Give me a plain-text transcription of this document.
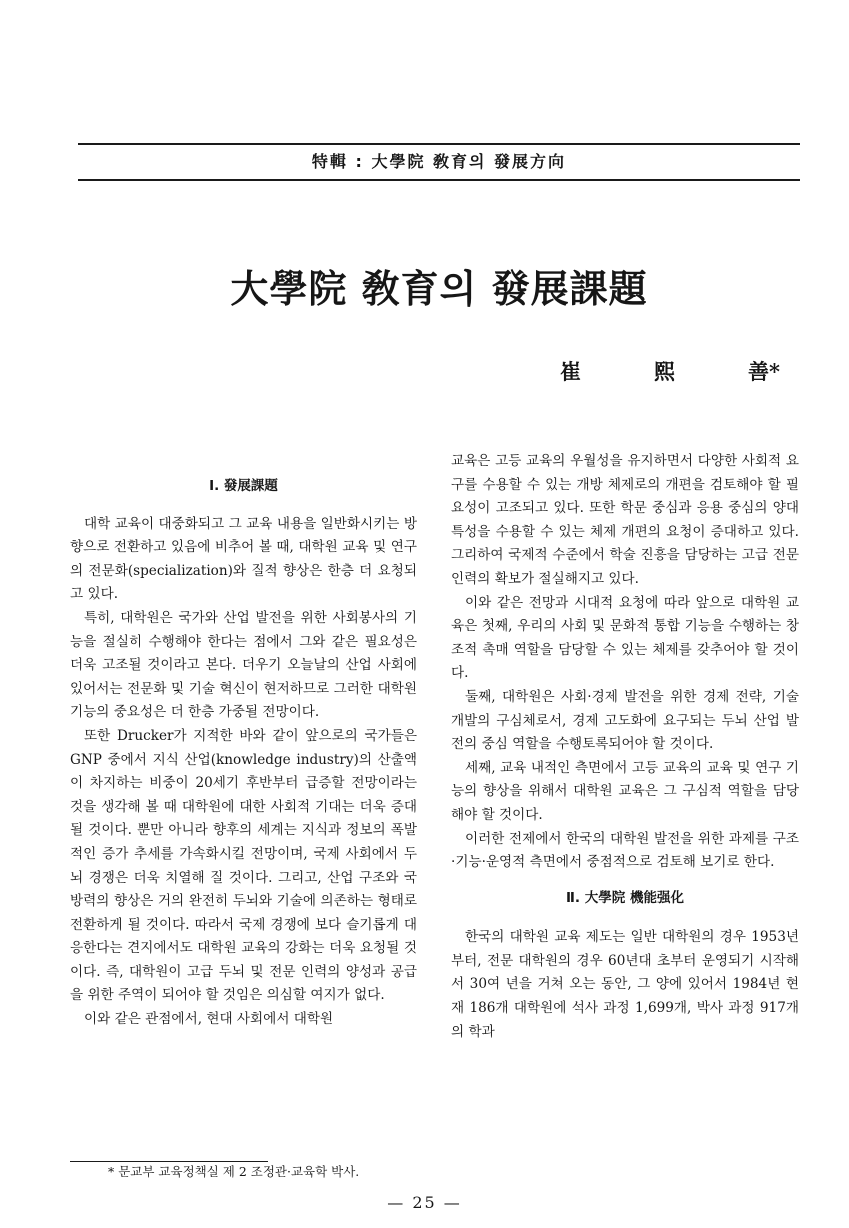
特輯 : 大學院 敎育의 發展方向
大學院 敎育의 發展課題
崔	熙	善*
I. 發展課題

대학 교육이 대중화되고 그 교육 내용을 일반화시키는 방향으로 전환하고 있음에 비추어 볼 때, 대학원 교육 및 연구의 전문화(specialization)와 질적 향상은 한층 더 요청되고 있다.

특히, 대학원은 국가와 산업 발전을 위한 사회봉사의 기능을 절실히 수행해야 한다는 점에서 그와 같은 필요성은 더욱 고조될 것이라고 본다. 더우기 오늘날의 산업 사회에 있어서는 전문화 및 기술 혁신이 현저하므로 그러한 대학원 기능의 중요성은 더 한층 가중될 전망이다.

또한 Drucker가 지적한 바와 같이 앞으로의 국가들은 GNP 중에서 지식 산업(knowledge industry)의 산출액이 차지하는 비중이 20세기 후반부터 급증할 전망이라는 것을 생각해 볼 때 대학원에 대한 사회적 기대는 더욱 증대될 것이다. 뿐만 아니라 향후의 세계는 지식과 정보의 폭발적인 증가 추세를 가속화시킬 전망이며, 국제 사회에서 두뇌 경쟁은 더욱 치열해 질 것이다. 그리고, 산업 구조와 국방력의 향상은 거의 완전히 두뇌와 기술에 의존하는 형태로 전환하게 될 것이다. 따라서 국제 경쟁에 보다 슬기롭게 대응한다는 견지에서도 대학원 교육의 강화는 더욱 요청될 것이다. 즉, 대학원이 고급 두뇌 및 전문 인력의 양성과 공급을 위한 주역이 되어야 할 것임은 의심할 여지가 없다.

이와 같은 관점에서, 현대 사회에서 대학원

교육은 고등 교육의 우월성을 유지하면서 다양한 사회적 요구를 수용할 수 있는 개방 체제로의 개편을 검토해야 할 필요성이 고조되고 있다. 또한 학문 중심과 응용 중심의 양대 특성을 수용할 수 있는 체제 개편의 요청이 증대하고 있다. 그리하여 국제적 수준에서 학술 진흥을 담당하는 고급 전문 인력의 확보가 절실해지고 있다.

이와 같은 전망과 시대적 요청에 따라 앞으로 대학원 교육은 첫째, 우리의 사회 및 문화적 통합 기능을 수행하는 창조적 촉매 역할을 담당할 수 있는 체제를 갖추어야 할 것이다.

둘째, 대학원은 사회·경제 발전을 위한 경제 전략, 기술 개발의 구심체로서, 경제 고도화에 요구되는 두뇌 산업 발전의 중심 역할을 수행토록되어야 할 것이다.

세째, 교육 내적인 측면에서 고등 교육의 교육 및 연구 기능의 향상을 위해서 대학원 교육은 그 구심적 역할을 담당해야 할 것이다.

이러한 전제에서 한국의 대학원 발전을 위한 과제를 구조·기능·운영적 측면에서 중점적으로 검토해 보기로 한다.

Ⅱ. 大學院 機能强化

한국의 대학원 교육 제도는 일반 대학원의 경우 1953년부터, 전문 대학원의 경우 60년대 초부터 운영되기 시작해서 30여 년을 거쳐 오는 동안, 그 양에 있어서 1984년 현재 186개 대학원에 석사 과정 1,699개, 박사 과정 917개의 학과

* 문교부 교육정책실 제 2 조정관·교육학 박사.
— 25 —
